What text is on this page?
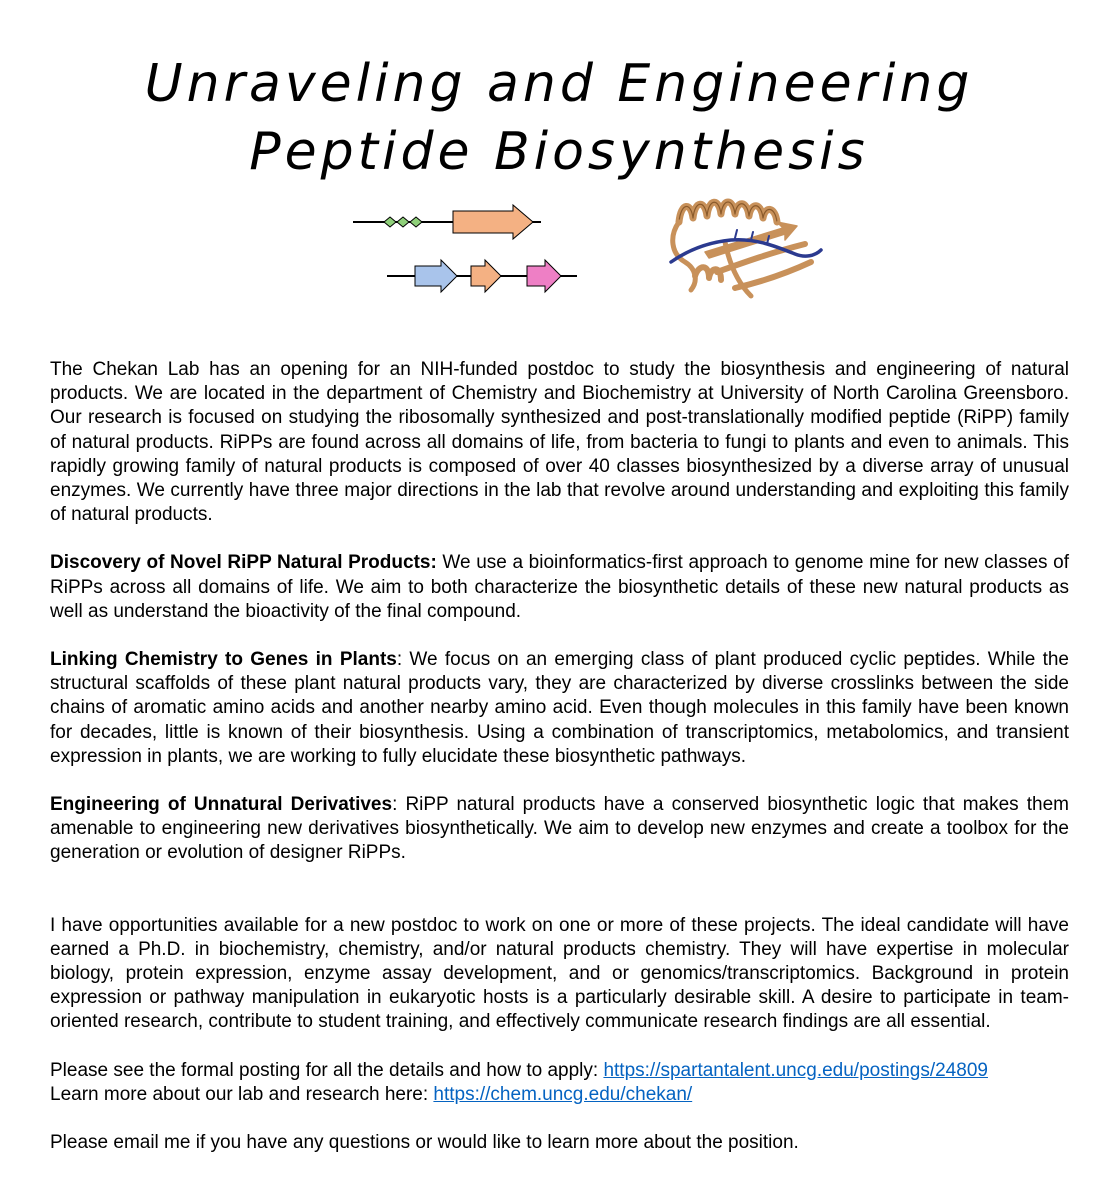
Unraveling and Engineering
Peptide Biosynthesis

The Chekan Lab has an opening for an NIH-funded postdoc to study the biosynthesis and engineering of natural products. We are located in the department of Chemistry and Biochemistry at University of North Carolina Greensboro. Our research is focused on studying the ribosomally synthesized and post-translationally modified peptide (RiPP) family of natural products. RiPPs are found across all domains of life, from bacteria to fungi to plants and even to animals. This rapidly growing family of natural products is composed of over 40 classes biosynthesized by a diverse array of unusual enzymes. We currently have three major directions in the lab that revolve around understanding and exploiting this family of natural products.

Discovery of Novel RiPP Natural Products: We use a bioinformatics-first approach to genome mine for new classes of RiPPs across all domains of life. We aim to both characterize the biosynthetic details of these new natural products as well as understand the bioactivity of the final compound.

Linking Chemistry to Genes in Plants: We focus on an emerging class of plant produced cyclic peptides. While the structural scaffolds of these plant natural products vary, they are characterized by diverse crosslinks between the side chains of aromatic amino acids and another nearby amino acid. Even though molecules in this family have been known for decades, little is known of their biosynthesis. Using a combination of transcriptomics, metabolomics, and transient expression in plants, we are working to fully elucidate these biosynthetic pathways.

Engineering of Unnatural Derivatives: RiPP natural products have a conserved biosynthetic logic that makes them amenable to engineering new derivatives biosynthetically. We aim to develop new enzymes and create a toolbox for the generation or evolution of designer RiPPs.

I have opportunities available for a new postdoc to work on one or more of these projects. The ideal candidate will have earned a Ph.D. in biochemistry, chemistry, and/or natural products chemistry. They will have expertise in molecular biology, protein expression, enzyme assay development, and or genomics/transcriptomics. Background in protein expression or pathway manipulation in eukaryotic hosts is a particularly desirable skill. A desire to participate in team-oriented research, contribute to student training, and effectively communicate research findings are all essential.

Please see the formal posting for all the details and how to apply: https://spartantalent.uncg.edu/postings/24809
Learn more about our lab and research here: https://chem.uncg.edu/chekan/

Please email me if you have any questions or would like to learn more about the position.
